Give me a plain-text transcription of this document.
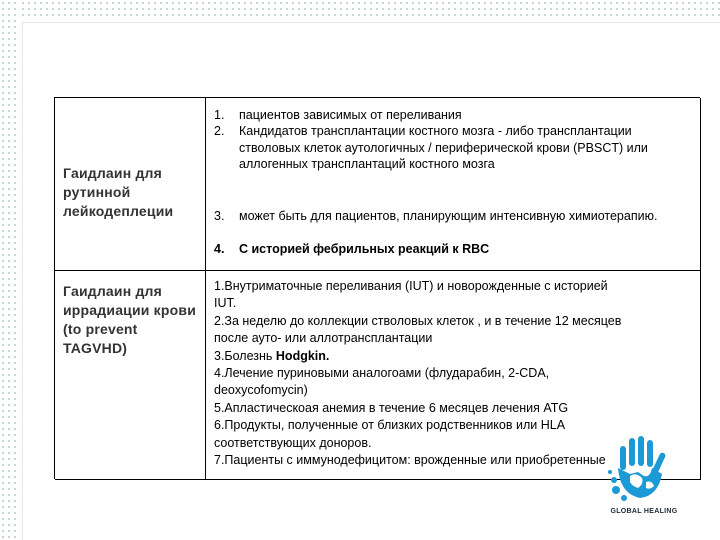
Гаидлаин для рутинной лейкодеплеции
1.	пациентов зависимых от переливания
2.	Кандидатов трансплантации костного мозга - либо трансплантации стволовых клеток аутологичных / периферической крови (PBSCT) или аллогенных трансплантаций костного мозга
3.	может быть для пациентов, планирующим интенсивную химиотерапию.
4.	С историей фебрильных реакций к RBC
Гаидлаин для иррадиации крови (to prevent TAGVHD)
1.Внутриматочные переливания (IUT) и новорожденные с историей
IUT.
2.За неделю до коллекции стволовых клеток , и в течение 12 месяцев
после ауто- или аллотрансплантации
3.Болезнь Hodgkin.
4.Лечение пуриновыми аналогоами (флударабин, 2-CDA,
deoxycofomycin)
5.Апластическоая анемия в течение 6 месяцев лечения ATG
6.Продукты, полученные от близких родственников или HLA
соответствующих доноров.
7.Пациенты с иммунодефицитом: врожденные или приобретенные
GLOBAL HEALING
